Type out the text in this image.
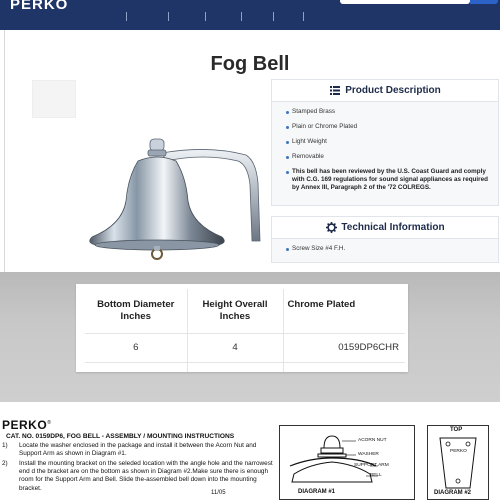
PERKO
Fog Bell
Product Description
Stamped Brass
Plain or Chrome Plated
Light Weight
Removable
This bell has been reviewed by the U.S. Coast Guard and comply with C.G. 169 regulations for sound signal appliances as required by Annex III, Paragraph 2 of the '72 COLREGS.
Technical Information
Screw Size #4 F.H.
Bottom Diameter Inches	Height Overall Inches	Chrome Plated
6	4	0159DP6CHR

PERKO®
CAT. NO. 0159DP6, FOG BELL - ASSEMBLY / MOUNTING INSTRUCTIONS
1)	Locate the washer enclosed in the package and install it between the Acorn Nut and Support Arm as shown in Diagram #1.
2)	Install the mounting bracket on the seleded location with the angle hole and the narrowest end d the bracket are on the bottom as shown in Diagram #2.Make sure there is enough room for the Support Arm and Bell. Slide the-assembled bell down into the mounting bracket.
11/05
ACORN NUT
WASHER
SUPPORT ARM
BELL
DIAGRAM #1
TOP
PERKO
DIAGRAM #2
